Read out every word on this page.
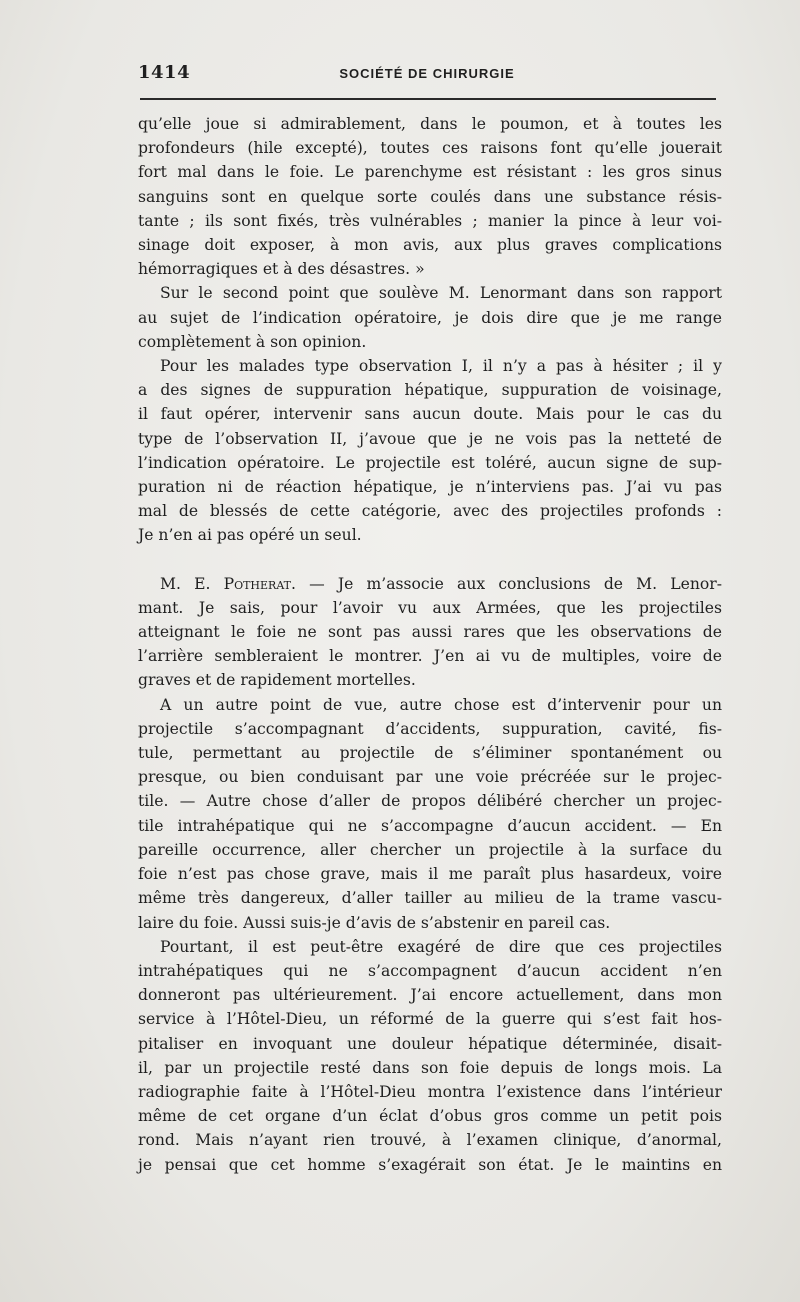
1414	SOCIÉTÉ DE CHIRURGIE
qu’elle joue si admirablement, dans le poumon, et à toutes les
profondeurs (hile excepté), toutes ces raisons font qu’elle jouerait
fort mal dans le foie. Le parenchyme est résistant : les gros sinus
sanguins sont en quelque sorte coulés dans une substance résis-
tante ; ils sont fixés, très vulnérables ; manier la pince à leur voi-
sinage doit exposer, à mon avis, aux plus graves complications
hémorragiques et à des désastres. »
Sur le second point que soulève M. Lenormant dans son rapport
au sujet de l’indication opératoire, je dois dire que je me range
complètement à son opinion.
Pour les malades type observation I, il n’y a pas à hésiter ; il y
a des signes de suppuration hépatique, suppuration de voisinage,
il faut opérer, intervenir sans aucun doute. Mais pour le cas du
type de l’observation II, j’avoue que je ne vois pas la netteté de
l’indication opératoire. Le projectile est toléré, aucun signe de sup-
puration ni de réaction hépatique, je n’interviens pas. J’ai vu pas
mal de blessés de cette catégorie, avec des projectiles profonds :
Je n’en ai pas opéré un seul.
M. E. Potherat. — Je m’associe aux conclusions de M. Lenor-
mant. Je sais, pour l’avoir vu aux Armées, que les projectiles
atteignant le foie ne sont pas aussi rares que les observations de
l’arrière sembleraient le montrer. J’en ai vu de multiples, voire de
graves et de rapidement mortelles.
A un autre point de vue, autre chose est d’intervenir pour un
projectile s’accompagnant d’accidents, suppuration, cavité, fis-
tule, permettant au projectile de s’éliminer spontanément ou
presque, ou bien conduisant par une voie précréée sur le projec-
tile. — Autre chose d’aller de propos délibéré chercher un projec-
tile intrahépatique qui ne s’accompagne d’aucun accident. — En
pareille occurrence, aller chercher un projectile à la surface du
foie n’est pas chose grave, mais il me paraît plus hasardeux, voire
même très dangereux, d’aller tailler au milieu de la trame vascu-
laire du foie. Aussi suis-je d’avis de s’abstenir en pareil cas.
Pourtant, il est peut-être exagéré de dire que ces projectiles
intrahépatiques qui ne s’accompagnent d’aucun accident n’en
donneront pas ultérieurement. J’ai encore actuellement, dans mon
service à l’Hôtel-Dieu, un réformé de la guerre qui s’est fait hos-
pitaliser en invoquant une douleur hépatique déterminée, disait-
il, par un projectile resté dans son foie depuis de longs mois. La
radiographie faite à l’Hôtel-Dieu montra l’existence dans l’intérieur
même de cet organe d’un éclat d’obus gros comme un petit pois
rond. Mais n’ayant rien trouvé, à l’examen clinique, d’anormal,
je pensai que cet homme s’exagérait son état. Je le maintins en
